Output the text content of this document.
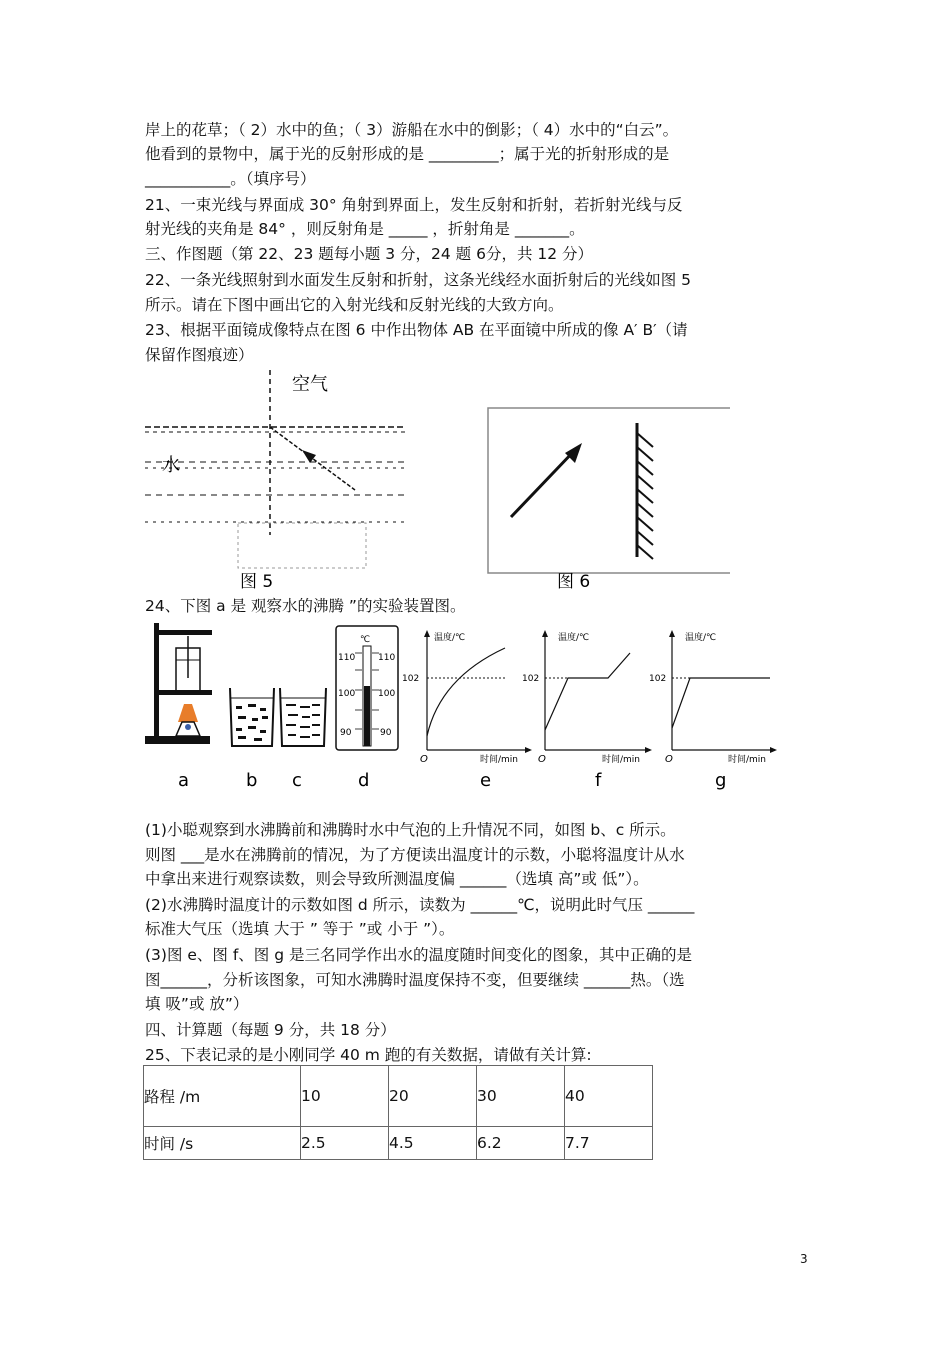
岸上的花草；（ 2）水中的鱼；（ 3）游船在水中的倒影；（ 4）水中的“白云”。
他看到的景物中，属于光的反射形成的是 _________；属于光的折射形成的是
___________。（填序号）
21、一束光线与界面成 30° 角射到界面上，发生反射和折射，若折射光线与反
射光线的夹角是 84° ，则反射角是 _____ ，折射角是 _______。
三、作图题（第 22、23 题每小题 3 分，24 题 6分，共 12 分）
22、一条光线照射到水面发生反射和折射，这条光线经水面折射后的光线如图 5
所示。请在下图中画出它的入射光线和反射光线的大致方向。
23、根据平面镜成像特点在图 6 中作出物体 AB 在平面镜中所成的像 A′ B′（请
保留作图痕迹）
空气
水
图 5	图 6
24、下图 a 是 观察水的沸腾 ”的实验装置图。
℃
110	110
100	100
90	90
温度/℃
102
O	时间/min
温度/℃
102
O	时间/min
温度/℃
102
O	时间/min
a	b c	d	e	f	g
(1)小聪观察到水沸腾前和沸腾时水中气泡的上升情况不同，如图 b、c 所示。
则图 ___是水在沸腾前的情况，为了方便读出温度计的示数，小聪将温度计从水
中拿出来进行观察读数，则会导致所测温度偏 ______（选填 高”或 低”）。
(2)水沸腾时温度计的示数如图 d 所示，读数为 ______℃，说明此时气压 ______
标准大气压（选填 大于 ” 等于 ”或 小于 ”）。
(3)图 e、图 f、图 g 是三名同学作出水的温度随时间变化的图象，其中正确的是
图______，分析该图象，可知水沸腾时温度保持不变，但要继续 ______热。（选
填 吸”或 放”）
四、计算题（每题 9 分，共 18 分）
25、下表记录的是小刚同学 40 m 跑的有关数据，请做有关计算:
路程 /m	10	20	30	40
时间 /s	2.5	4.5	6.2	7.7
3
